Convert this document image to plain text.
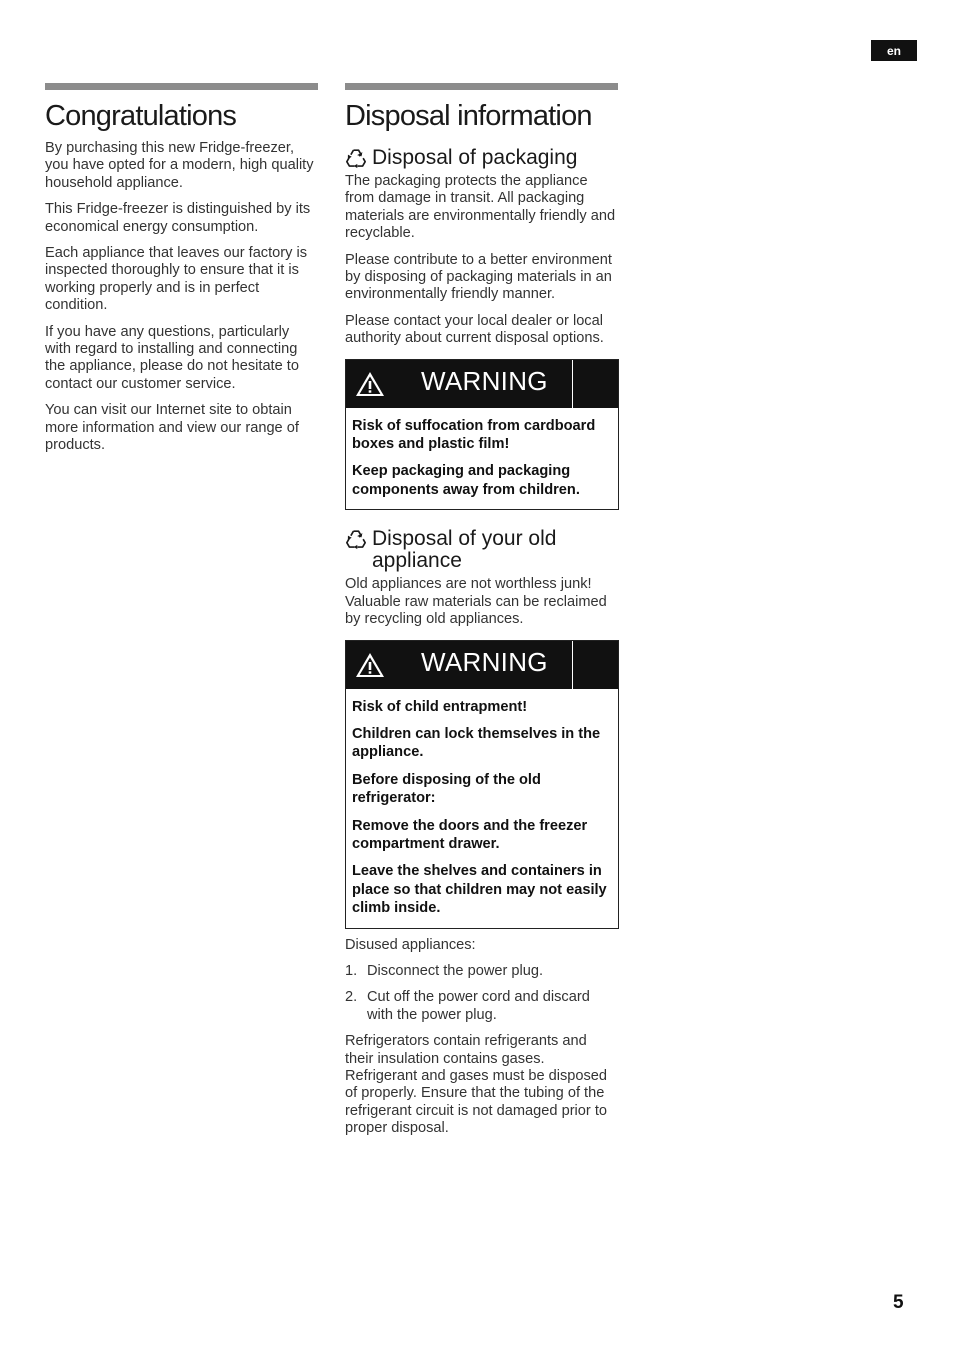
en
Congratulations

By purchasing this new Fridge-freezer, you have opted for a modern, high quality household appliance.

This Fridge-freezer is distinguished by its economical energy consumption.

Each appliance that leaves our factory is inspected thoroughly to ensure that it is working properly and is in perfect condition.

If you have any questions, particularly with regard to installing and connecting the appliance, please do not hesitate to contact our customer service.

You can visit our Internet site to obtain more information and view our range of products.

Disposal information
Disposal of packaging

The packaging protects the appliance from damage in transit. All packaging materials are environmentally friendly and recyclable.

Please contribute to a better environment by disposing of packaging materials in an environmentally friendly manner.

Please contact your local dealer or local authority about current disposal options.

WARNING

Risk of suffocation from cardboard boxes and plastic film!

Keep packaging and packaging components away from children.

Disposal of your old appliance

Old appliances are not worthless junk! Valuable raw materials can be reclaimed by recycling old appliances.

WARNING

Risk of child entrapment!

Children can lock themselves in the appliance.

Before disposing of the old refrigerator:

Remove the doors and the freezer compartment drawer.

Leave the shelves and containers in place so that children may not easily climb inside.

Disused appliances:

1. Disconnect the power plug.
2. Cut off the power cord and discard with the power plug.

Refrigerators contain refrigerants and their insulation contains gases. Refrigerant and gases must be disposed of properly. Ensure that the tubing of the refrigerant circuit is not damaged prior to proper disposal.

5
